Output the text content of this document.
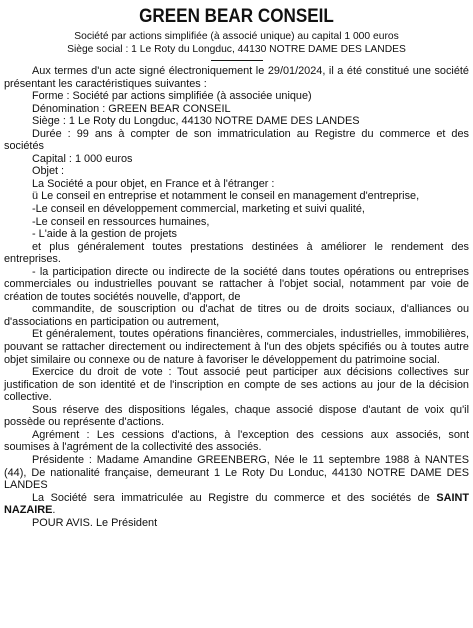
GREEN BEAR CONSEIL
Société par actions simplifiée (à associé unique) au capital 1 000 euros
Siège social : 1 Le Roty du Longduc, 44130 NOTRE DAME DES LANDES

Aux termes d'un acte signé électroniquement le 29/01/2024, il a été constitué une société présentant les caractéristiques suivantes :

Forme : Société par actions simplifiée (à associée unique)

Dénomination : GREEN BEAR CONSEIL

Siège : 1 Le Roty du Longduc, 44130 NOTRE DAME DES LANDES

Durée : 99 ans à compter de son immatriculation au Registre du commerce et des sociétés

Capital : 1 000 euros

Objet :

La Société a pour objet, en France et à l'étranger :

ü Le conseil en entreprise et notamment le conseil en management d'entreprise,

-Le conseil en développement commercial, marketing et suivi qualité,

-Le conseil en ressources humaines,

- L'aide à la gestion de projets

et plus généralement toutes prestations destinées à améliorer le rendement des entreprises.

- la participation directe ou indirecte de la société dans toutes opérations ou entreprises commerciales ou industrielles pouvant se rattacher à l'objet social, notamment par voie de création de toutes sociétés nouvelle, d'apport, de

commandite, de souscription ou d'achat de titres ou de droits sociaux, d'alliances ou d'associations en participation ou autrement,

Et généralement, toutes opérations financières, commerciales, industrielles, immobilières, pouvant se rattacher directement ou indirectement à l'un des objets spécifiés ou à toutes autre objet similaire ou connexe ou de nature à favoriser le développement du patrimoine social.

Exercice du droit de vote : Tout associé peut participer aux décisions collectives sur justification de son identité et de l'inscription en compte de ses actions au jour de la décision collective.

Sous réserve des dispositions légales, chaque associé dispose d'autant de voix qu'il possède ou représente d'actions.

Agrément : Les cessions d'actions, à l'exception des cessions aux associés, sont soumises à l'agrément de la collectivité des associés.

Présidente : Madame Amandine GREENBERG, Née le 11 septembre 1988 à NANTES (44), De nationalité française, demeurant 1 Le Roty Du Londuc, 44130 NOTRE DAME DES LANDES

La Société sera immatriculée au Registre du commerce et des sociétés de SAINT NAZAIRE.

POUR AVIS. Le Président
